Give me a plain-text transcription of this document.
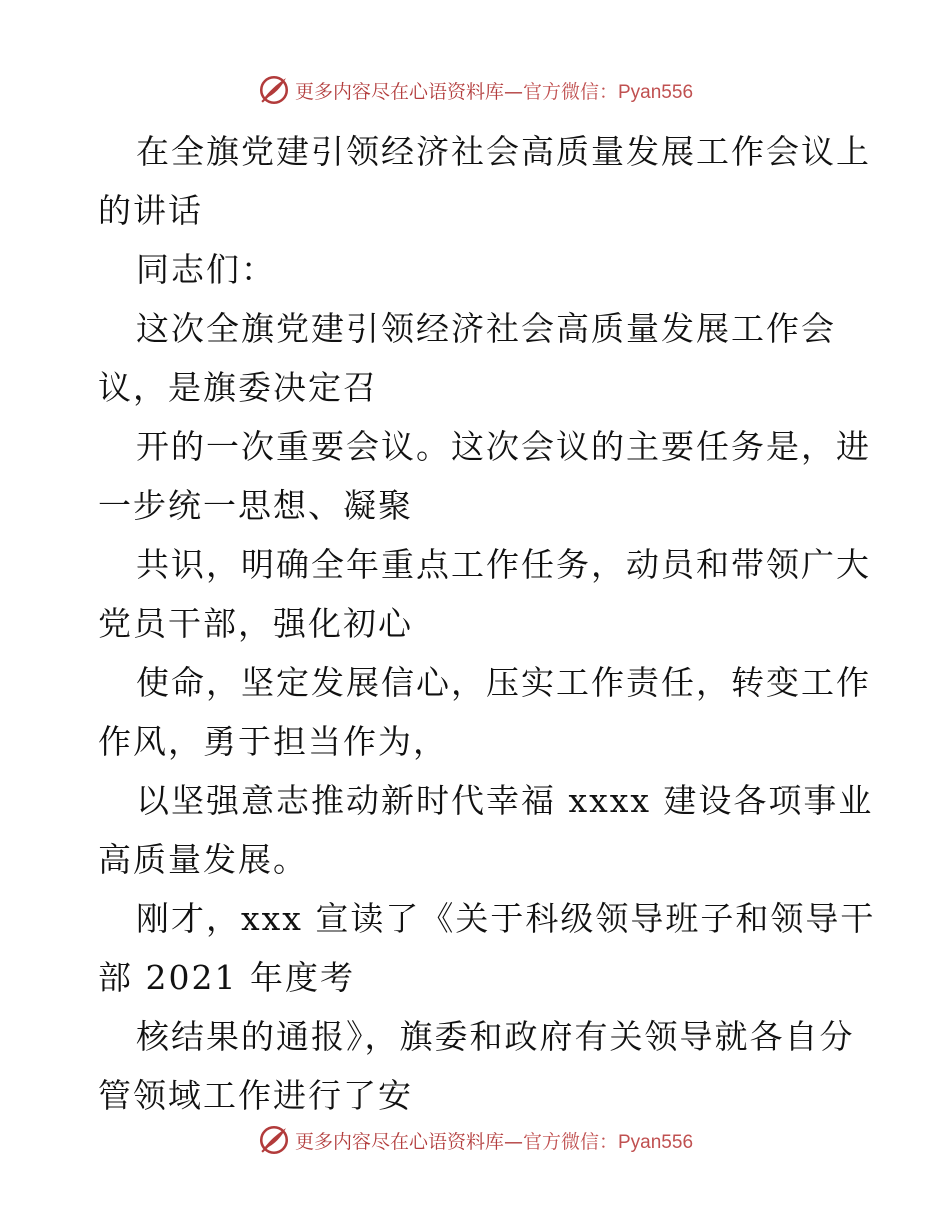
更多内容尽在心语资料库—官方微信：Pyan556
在全旗党建引领经济社会高质量发展工作会议上
的讲话
同志们：
这次全旗党建引领经济社会高质量发展工作会
议，是旗委决定召
开的一次重要会议。这次会议的主要任务是，进
一步统一思想、凝聚
共识，明确全年重点工作任务，动员和带领广大
党员干部，强化初心
使命，坚定发展信心，压实工作责任，转变工作
作风，勇于担当作为，
以坚强意志推动新时代幸福 xxxx 建设各项事业
高质量发展。
刚才，xxx 宣读了《关于科级领导班子和领导干
部 2021 年度考
核结果的通报》，旗委和政府有关领导就各自分
管领域工作进行了安
更多内容尽在心语资料库—官方微信：Pyan556
